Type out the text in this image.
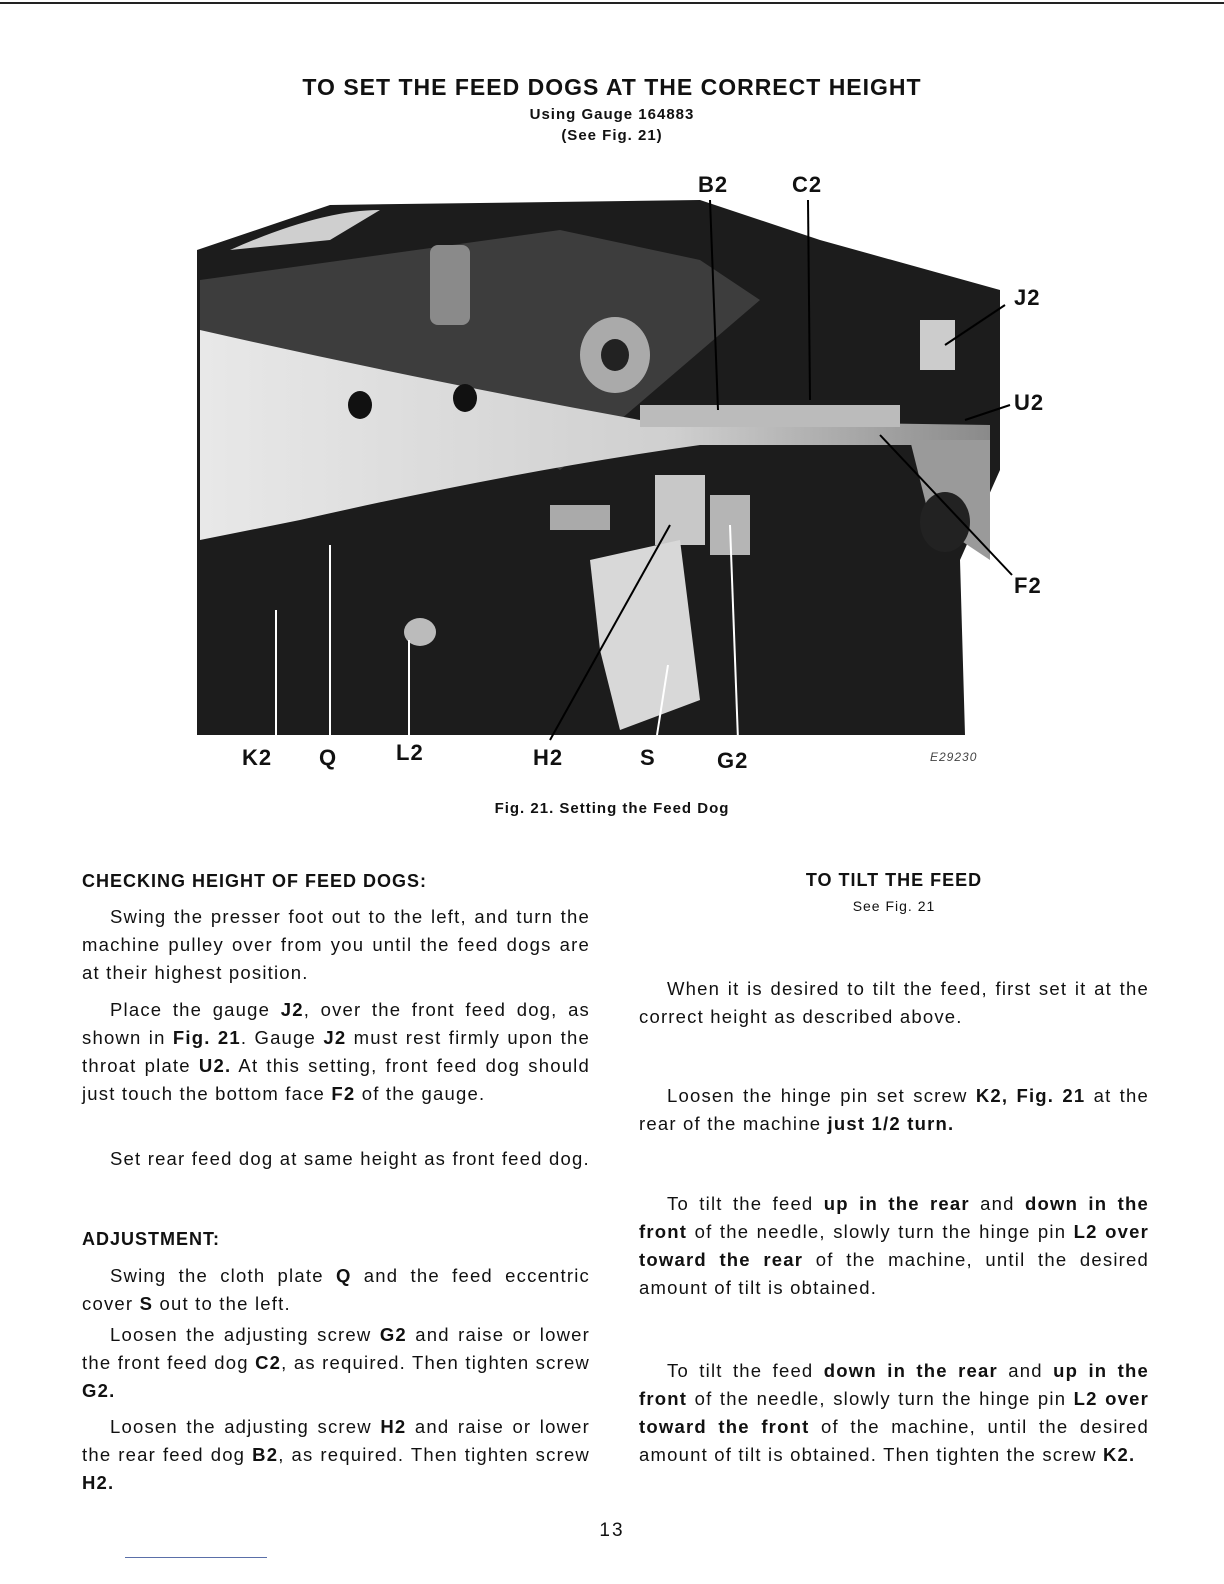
TO SET THE FEED DOGS AT THE CORRECT HEIGHT
Using Gauge 164883
(See Fig. 21)
B2	C2
J2
U2
F2
K2 Q	L2	H2	S	G2	E29230
Fig. 21. Setting the Feed Dog
CHECKING HEIGHT OF FEED DOGS:
Swing the presser foot out to the left, and turn the machine pulley over from you until the feed dogs are at their highest position.
Place the gauge J2, over the front feed dog, as shown in Fig. 21. Gauge J2 must rest firmly upon the throat plate U2. At this setting, front feed dog should just touch the bottom face F2 of the gauge.
Set rear feed dog at same height as front feed dog.
ADJUSTMENT:
Swing the cloth plate Q and the feed eccentric cover S out to the left.
Loosen the adjusting screw G2 and raise or lower the front feed dog C2, as required. Then tighten screw G2.
Loosen the adjusting screw H2 and raise or lower the rear feed dog B2, as required. Then tighten screw H2.
TO TILT THE FEED
See Fig. 21
When it is desired to tilt the feed, first set it at the correct height as described above.
Loosen the hinge pin set screw K2, Fig. 21 at the rear of the machine just 1/2 turn.
To tilt the feed up in the rear and down in the front of the needle, slowly turn the hinge pin L2 over toward the rear of the machine, until the desired amount of tilt is obtained.
To tilt the feed down in the rear and up in the front of the needle, slowly turn the hinge pin L2 over toward the front of the machine, until the desired amount of tilt is obtained. Then tighten the screw K2.
13
